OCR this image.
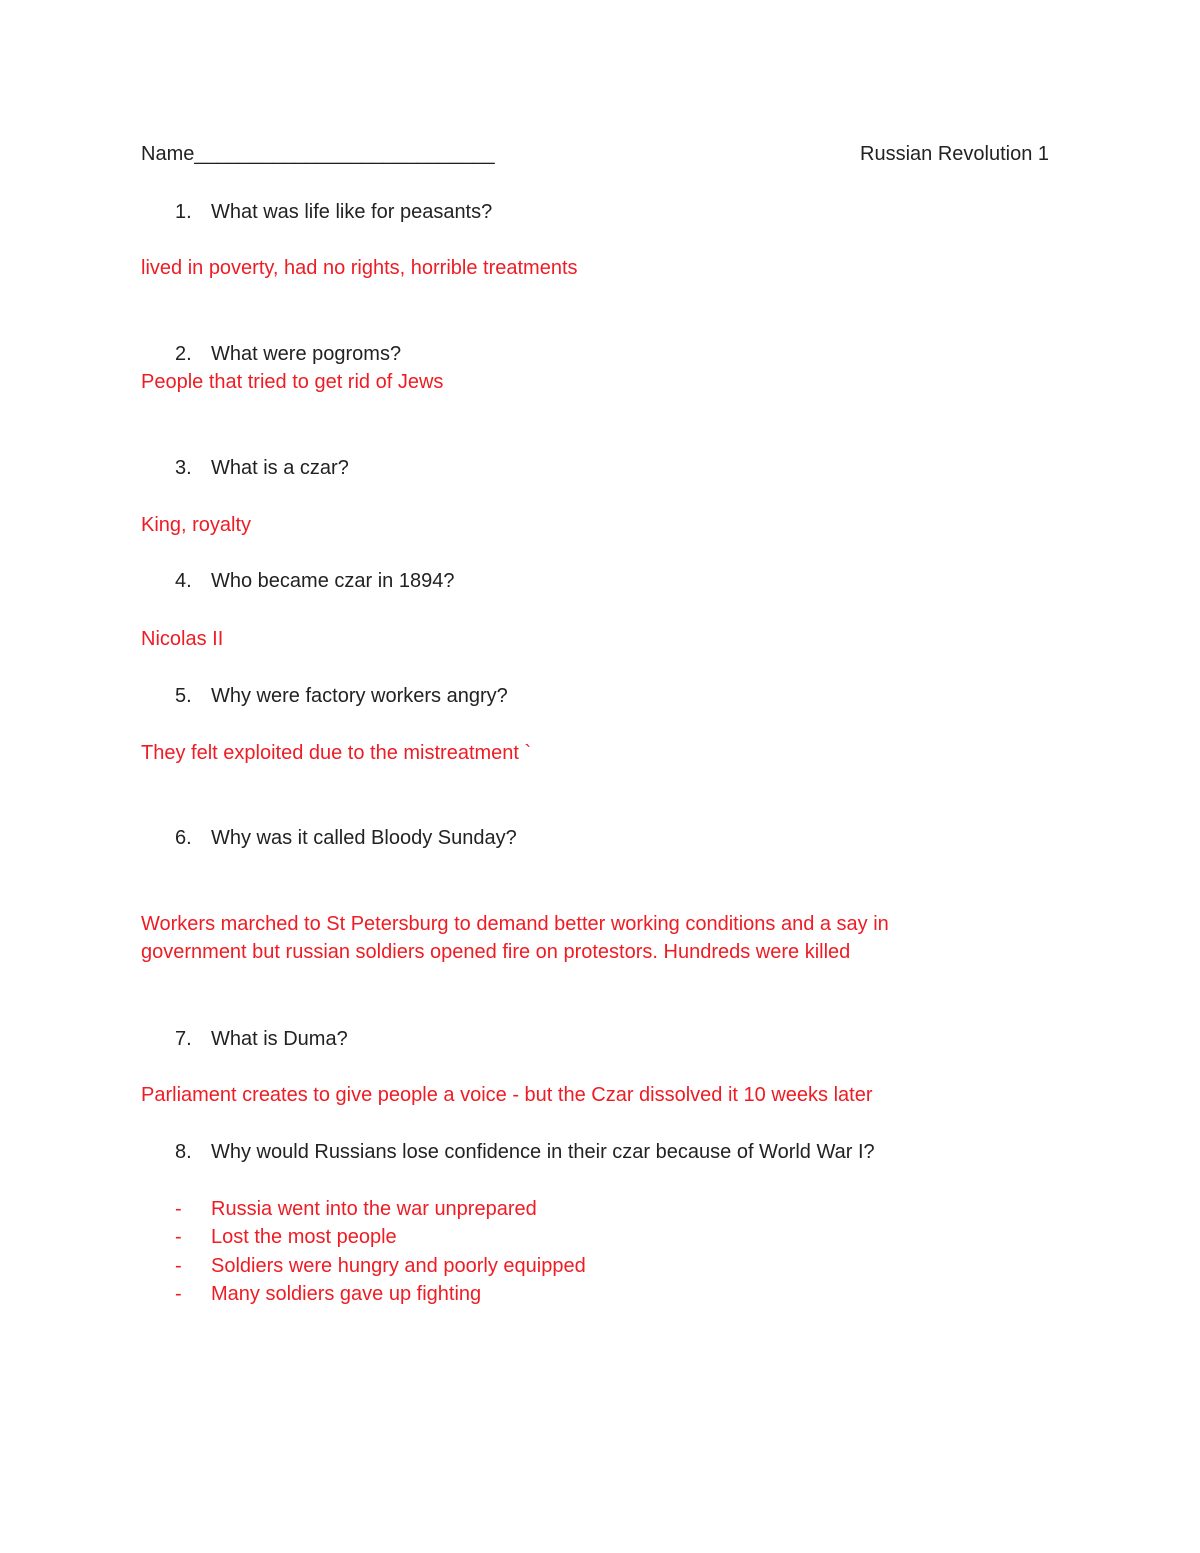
Name___________________________	Russian Revolution 1
1. What was life like for peasants?
lived in poverty, had no rights, horrible treatments
2. What were pogroms?
People that tried to get rid of Jews
3. What is a czar?
King, royalty
4. Who became czar in 1894?
Nicolas II
5. Why were factory workers angry?
They felt exploited due to the mistreatment `
6. Why was it called Bloody Sunday?
Workers marched to St Petersburg to demand better working conditions and a say in
government but russian soldiers opened fire on protestors. Hundreds were killed
7. What is Duma?
Parliament creates to give people a voice - but the Czar dissolved it 10 weeks later
8. Why would Russians lose confidence in their czar because of World War I?
- Russia went into the war unprepared
- Lost the most people
- Soldiers were hungry and poorly equipped
- Many soldiers gave up fighting
